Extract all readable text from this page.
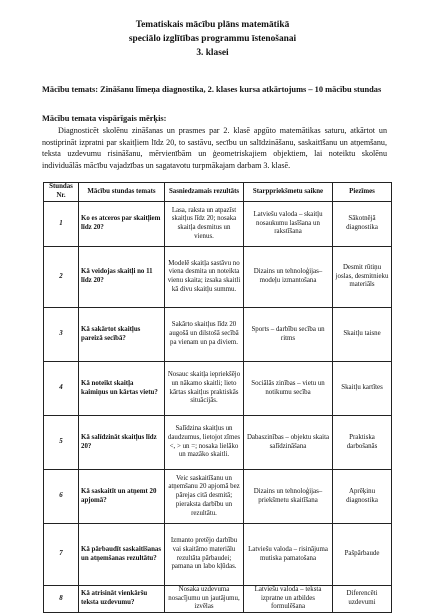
Tematiskais mācību plāns matemātikā
speciālo izglītības programmu īstenošanai
3. klasei
Mācību temats: Zināšanu līmeņa diagnostika, 2. klases kursa atkārtojums – 10 mācību stundas
Mācību temata vispārīgais mērķis:
Diagnosticēt skolēnu zināšanas un prasmes par 2. klasē apgūto matemātikas saturu, atkārtot un nostiprināt izpratni par skaitļiem līdz 20, to sastāvu, secību un salīdzināšanu, saskaitīšanu un atņemšanu, teksta uzdevumu risināšanu, mērvienībām un ģeometriskajiem objektiem, lai noteiktu skolēnu individuālās mācību vajadzības un sagatavotu turpmākajam darbam 3. klasē.
Stundas Nr.	Mācību stundas temats	Sasniedzamais rezultāts	Starppriekšmetu saikne	Piezīmes
1	Ko es atceros par skaitļiem līdz 20?	Lasa, raksta un atpazīst skaitļus līdz 20; nosaka skaitļa desmitus un vienus.	Latviešu valoda – skaitļu nosaukumu lasīšana un rakstīšana	Sākotnējā diagnostika
2	Kā veidojas skaitļi no 11 līdz 20?	Modelē skaitļa sastāvu no viena desmita un noteikta vienu skaita; izsaka skaitli kā divu skaitļu summu.	Dizains un tehnoloģijas– modeļu izmantošana	Desmit rūtiņu joslas, desmitnieku materiāls
3	Kā sakārtot skaitļus pareizā secībā?	Sakārto skaitļus līdz 20 augošā un dilstošā secībā pa vienam un pa diviem.	Sports – darbību secība un ritms	Skaitļu taisne
4	Kā noteikt skaitļa kaimiņus un kārtas vietu?	Nosauc skaitļa iepriekšējo un nākamo skaitli; lieto kārtas skaitļus praktiskās situācijās.	Sociālās zinības – vietu un notikumu secība	Skaitļu kartītes
5	Kā salīdzināt skaitļus līdz 20?	Salīdzina skaitļus un daudzumus, lietojot zīmes <, > un =; nosaka lielāko un mazāko skaitli.	Dabaszinības – objektu skaita salīdzināšana	Praktiska darbošanās
6	Kā saskaitīt un atņemt 20 apjomā?	Veic saskaitīšanu un atņemšanu 20 apjomā bez pārejas citā desmitā; pieraksta darbību un rezultātu.	Dizains un tehnoloģijas– priekšmetu skaitīšana	Aprēķinu diagnostika
7	Kā pārbaudīt saskaitīšanas un atņemšanas rezultātu?	Izmanto pretējo darbību vai skaitāmo materiālu rezultāta pārbaudei; pamana un labo kļūdas.	Latviešu valoda – risinājuma mutiska pamatošana	Pašpārbaude
8	Kā atrisināt vienkāršu teksta uzdevumu?	Nosaka uzdevuma nosacījumu un jautājumu, izvēlas	Latviešu valoda – teksta izpratne un atbildes formulēšana	Diferencēti uzdevumi
